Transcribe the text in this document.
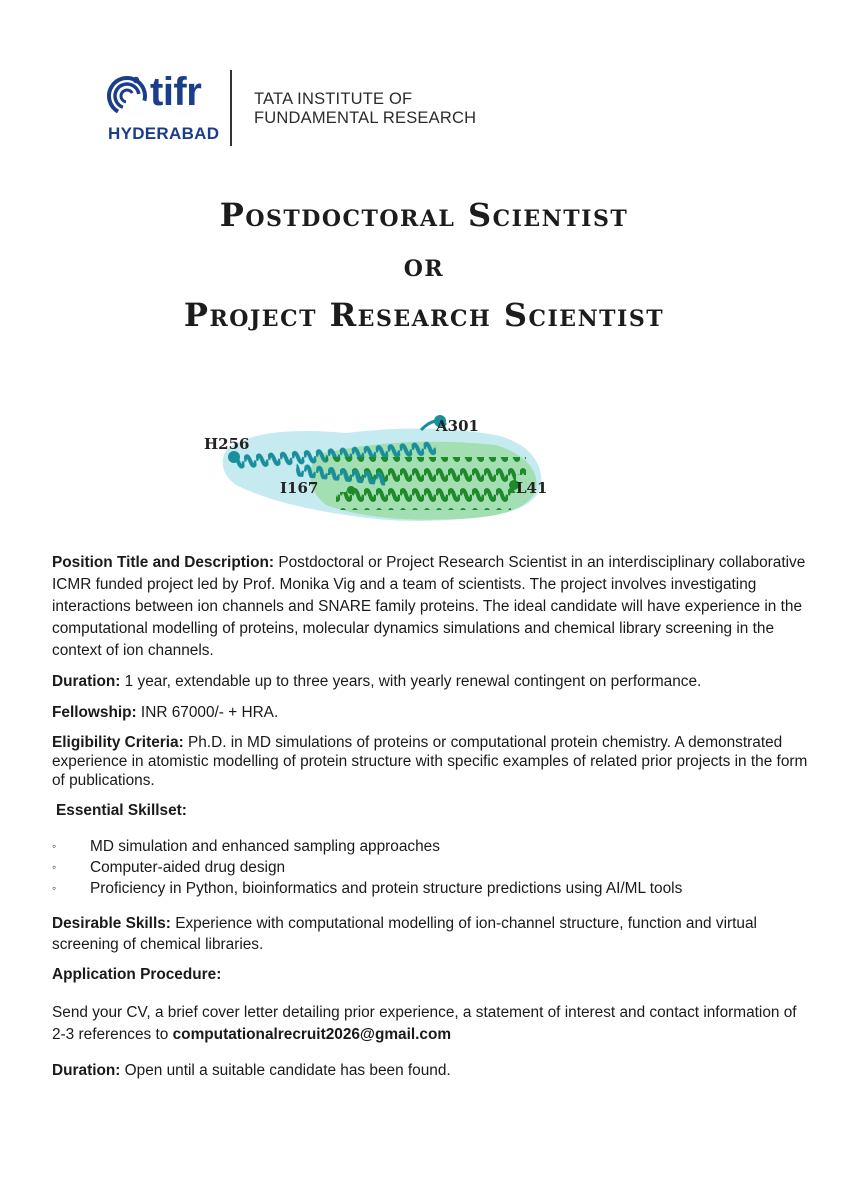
tifr
HYDERABAD
TATA INSTITUTE OF
FUNDAMENTAL RESEARCH
Postdoctoral Scientist
or
Project Research Scientist
H256
A301
I167	L41

Position Title and Description: Postdoctoral or Project Research Scientist in an interdisciplinary collaborative ICMR funded project led by Prof. Monika Vig and a team of scientists. The project involves investigating interactions between ion channels and SNARE family proteins. The ideal candidate will have experience in the computational modelling of proteins, molecular dynamics simulations and chemical library screening in the context of ion channels.

Duration: 1 year, extendable up to three years, with yearly renewal contingent on performance.

Fellowship: INR 67000/- + HRA.

Eligibility Criteria: Ph.D. in MD simulations of proteins or computational protein chemistry. A demonstrated experience in atomistic modelling of protein structure with specific examples of related prior projects in the form of publications.

Essential Skillset:
◦ MD simulation and enhanced sampling approaches
◦ Computer-aided drug design
◦ Proficiency in Python, bioinformatics and protein structure predictions using AI/ML tools

Desirable Skills: Experience with computational modelling of ion-channel structure, function and virtual screening of chemical libraries.

Application Procedure:

Send your CV, a brief cover letter detailing prior experience, a statement of interest and contact information of 2-3 references to computationalrecruit2026@gmail.com

Duration: Open until a suitable candidate has been found.
